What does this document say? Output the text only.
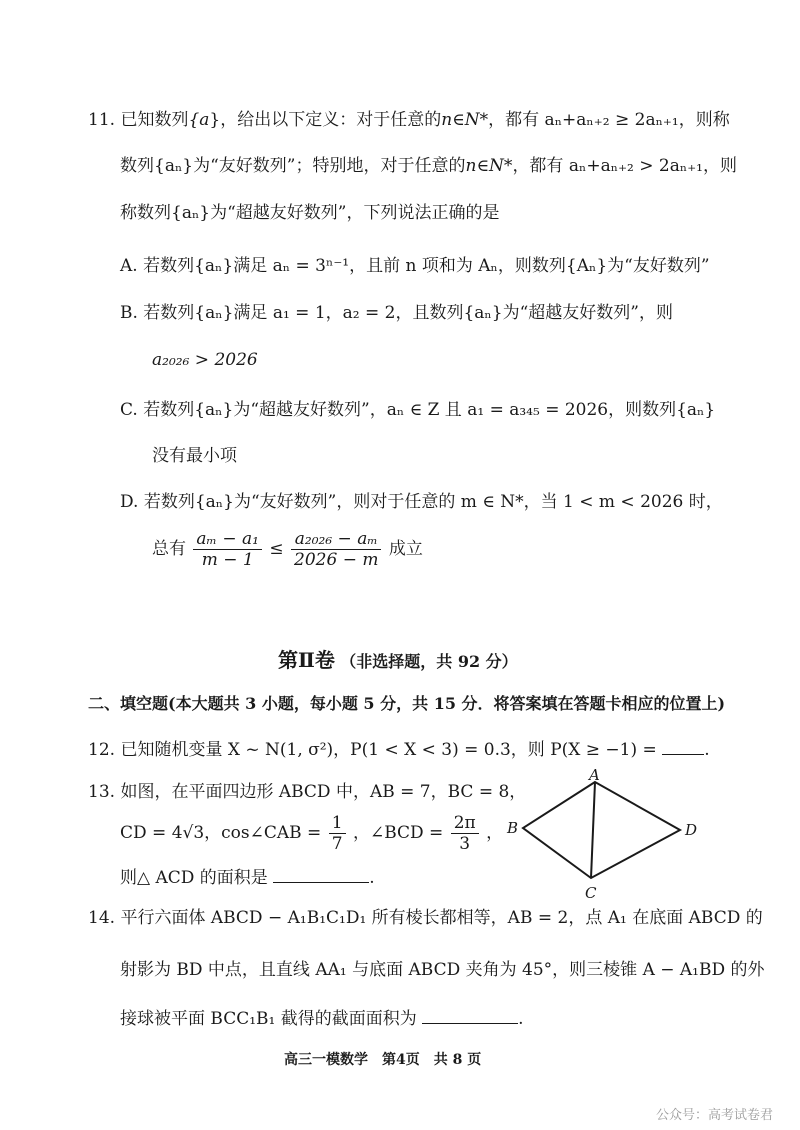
11. 已知数列{a}，给出以下定义：对于任意的n∈N*，都有 aₙ+aₙ₊₂ ≥ 2aₙ₊₁，则称
数列{aₙ}为“友好数列”；特别地，对于任意的n∈N*，都有 aₙ+aₙ₊₂ > 2aₙ₊₁，则
称数列{aₙ}为“超越友好数列”，下列说法正确的是
A. 若数列{aₙ}满足 aₙ = 3ⁿ⁻¹，且前 n 项和为 Aₙ，则数列{Aₙ}为“友好数列”
B. 若数列{aₙ}满足 a₁ = 1，a₂ = 2，且数列{aₙ}为“超越友好数列”，则
a₂₀₂₆ > 2026
C. 若数列{aₙ}为“超越友好数列”，aₙ ∈ Z 且 a₁ = a₃₄₅ = 2026，则数列{aₙ}
没有最小项
D. 若数列{aₙ}为“友好数列”，则对于任意的 m ∈ N*，当 1 < m < 2026 时，
总有 $\frac{\text{aₘ − a₁}}{m - 1} \le \frac{\text{a₂₀₂₆ − aₘ}}{2026 - m}$ 成立
第Ⅱ卷 （非选择题，共 92 分）
二、填空题(本大题共 3 小题，每小题 5 分，共 15 分．将答案填在答题卡相应的位置上)
12. 已知随机变量 X ~ N(1, σ²)，P(1 < X < 3) = 0.3，则 P(X ≥ −1) =	.
13. 如图，在平面四边形 ABCD 中，AB = 7，BC = 8，
CD = 4√3，cos∠CAB = $\frac{1}{7}$ ，∠BCD = $\frac{2\pi}{3}$ ，
则△ ACD 的面积是	.
A
B
C
D
14. 平行六面体 ABCD − A₁B₁C₁D₁ 所有棱长都相等，AB = 2，点 A₁ 在底面 ABCD 的
射影为 BD 中点，且直线 AA₁ 与底面 ABCD 夹角为 45°，则三棱锥 A − A₁BD 的外
接球被平面 BCC₁B₁ 截得的截面面积为	.
高三一模数学　第4页　共 8 页
公众号：高考试卷君
